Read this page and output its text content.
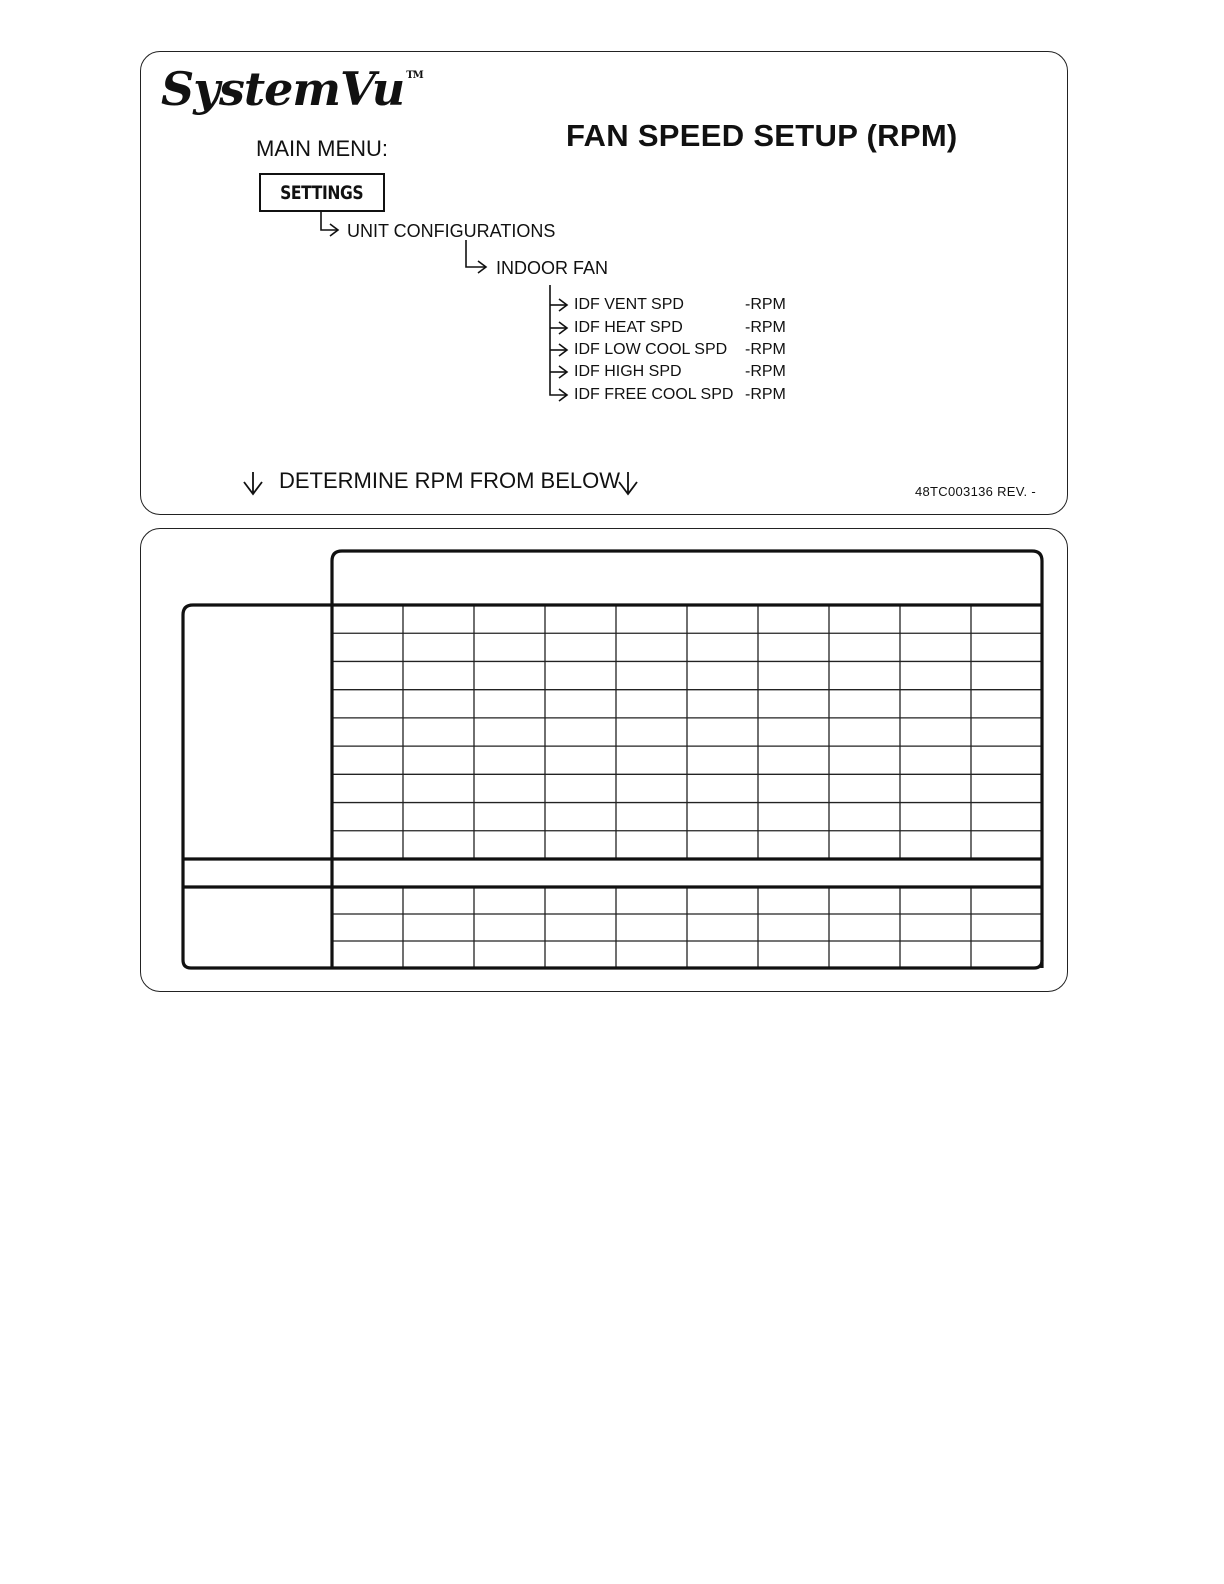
SystemVu ™
FAN SPEED SETUP (RPM)
MAIN MENU:
SETTINGS
UNIT CONFIGURATIONS
INDOOR FAN
IDF VENT SPD	-RPM
IDF HEAT SPD	-RPM
IDF LOW COOL SPD -RPM
IDF HIGH SPD	-RPM
IDF FREE COOL SPD -RPM
DETERMINE RPM FROM BELOW	48TC003136 REV. -
